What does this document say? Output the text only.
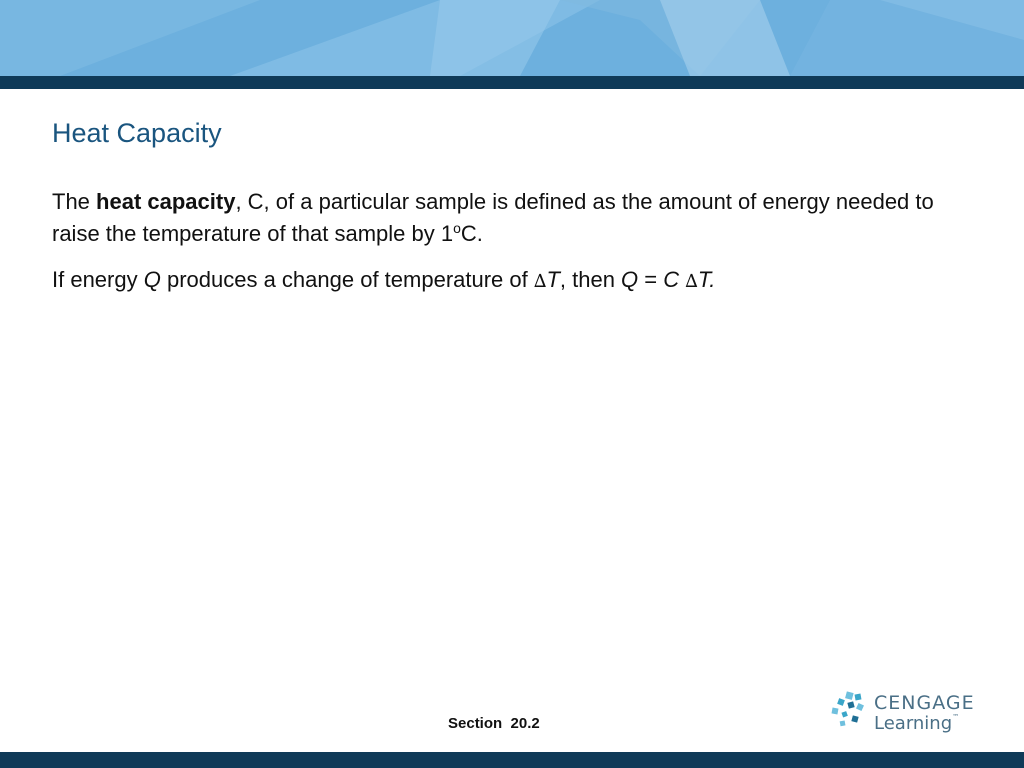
Heat Capacity

The heat capacity, C, of a particular sample is defined as the amount of energy needed to raise the temperature of that sample by 1$^o$C.

If energy Q produces a change of temperature of ∆T, then Q = C ∆T.

Section  20.2
CENGAGE
Learning™
